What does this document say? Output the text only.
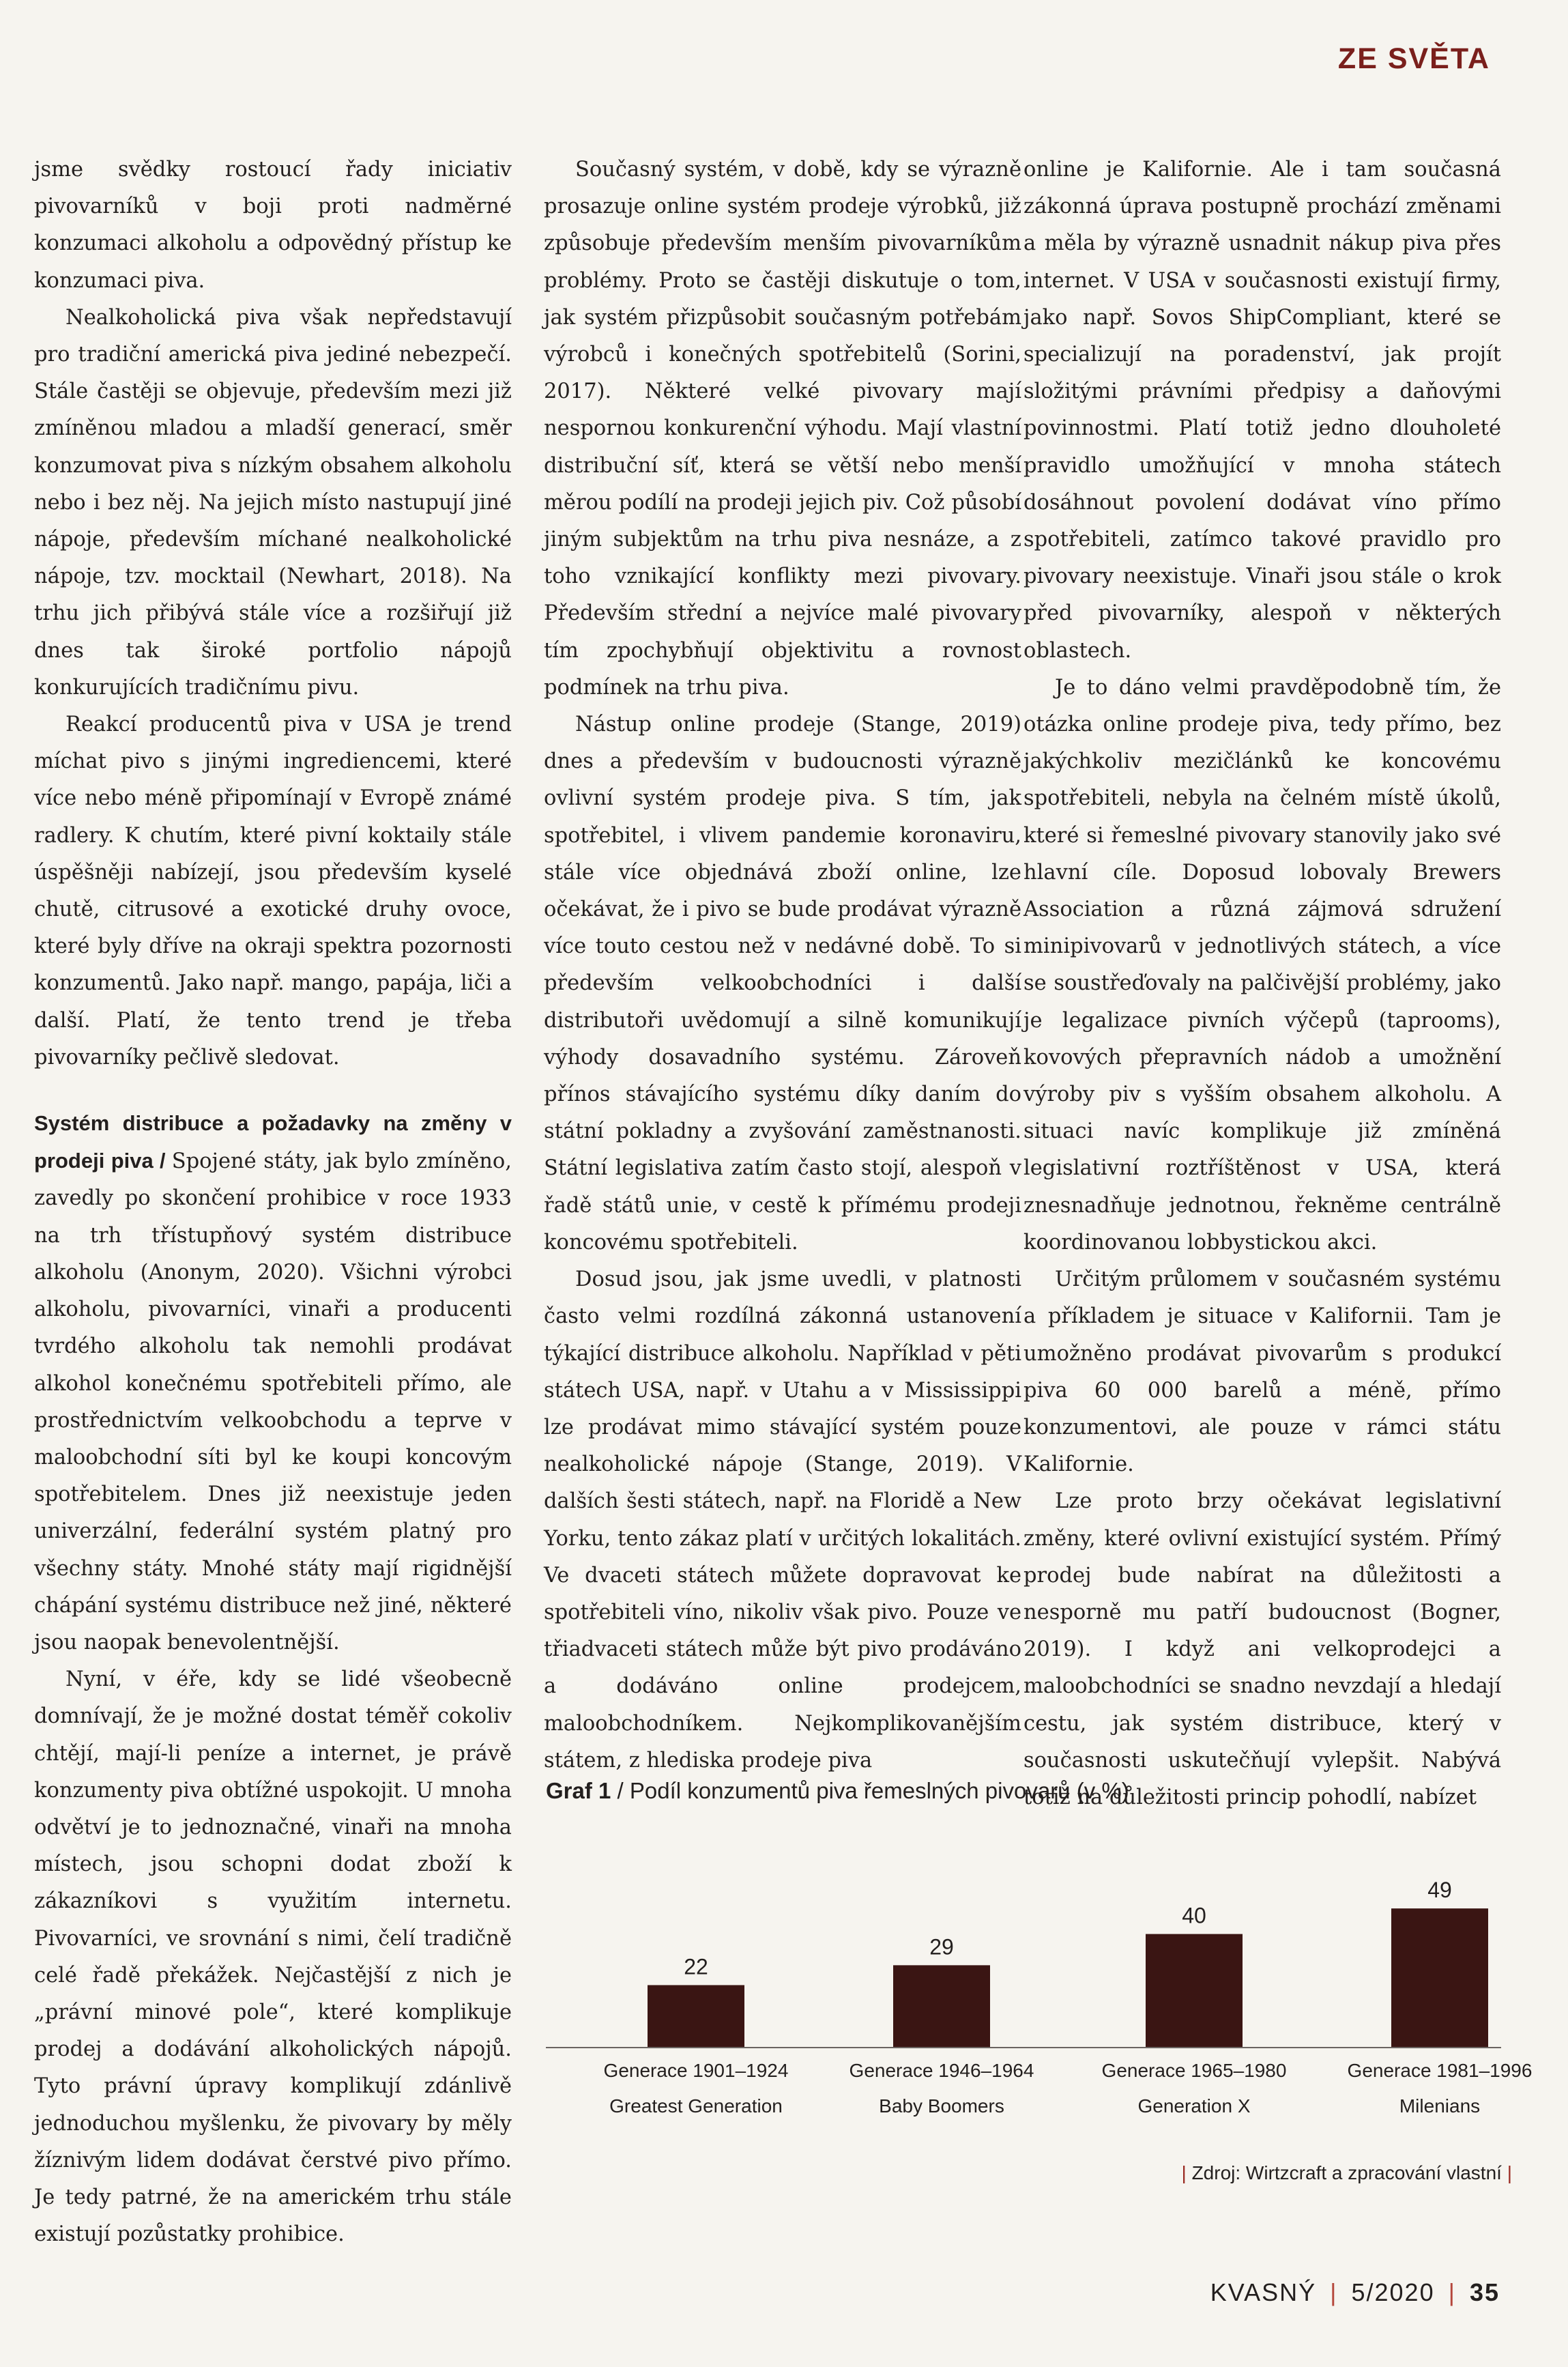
ZE SVĚTA

jsme svědky rostoucí řady iniciativ pivovarníků v boji proti nadměrné konzumaci alkoholu a odpovědný přístup ke konzumaci piva.

Nealkoholická piva však nepředstavují pro tradiční americká piva jediné nebezpečí. Stále častěji se objevuje, především mezi již zmíněnou mladou a mladší generací, směr konzumovat piva s nízkým obsahem alkoholu nebo i bez něj. Na jejich místo nastupují jiné nápoje, především míchané nealkoholické nápoje, tzv. mocktail (Newhart, 2018). Na trhu jich přibývá stále více a rozšiřují již dnes tak široké portfolio nápojů konkurujících tradičnímu pivu.

Reakcí producentů piva v USA je trend míchat pivo s jinými ingrediencemi, které více nebo méně připomínají v Evropě známé radlery. K chutím, které pivní koktaily stále úspěšněji nabízejí, jsou především kyselé chutě, citrusové a exotické druhy ovoce, které byly dříve na okraji spektra pozornosti konzumentů. Jako např. mango, papája, liči a další. Platí, že tento trend je třeba pivovarníky pečlivě sledovat.

Systém distribuce a požadavky na změny v prodeji piva / Spojené státy, jak bylo zmíněno, zavedly po skončení prohibice v roce 1933 na trh třístupňový systém distribuce alkoholu (Anonym, 2020). Všichni výrobci alkoholu, pivovarníci, vinaři a producenti tvrdého alkoholu tak nemohli prodávat alkohol konečnému spotřebiteli přímo, ale prostřednictvím velkoobchodu a teprve v maloobchodní síti byl ke koupi koncovým spotřebitelem. Dnes již neexistuje jeden univerzální, federální systém platný pro všechny státy. Mnohé státy mají rigidnější chápání systému distribuce než jiné, některé jsou naopak benevolentnější.

Nyní, v éře, kdy se lidé všeobecně domnívají, že je možné dostat téměř cokoliv chtějí, mají-li peníze a internet, je právě konzumenty piva obtížné uspokojit. U mnoha odvětví je to jednoznačné, vinaři na mnoha místech, jsou schopni dodat zboží k zákazníkovi s využitím internetu. Pivovarníci, ve srovnání s nimi, čelí tradičně celé řadě překážek. Nejčastější z nich je „právní minové pole“, které komplikuje prodej a dodávání alkoholických nápojů. Tyto právní úpravy komplikují zdánlivě jednoduchou myšlenku, že pivovary by měly žíznivým lidem dodávat čerstvé pivo přímo. Je tedy patrné, že na americkém trhu stále existují pozůstatky prohibice.

Současný systém, v době, kdy se výrazně prosazuje online systém prodeje výrobků, již způsobuje především menším pivovarníkům problémy. Proto se častěji diskutuje o tom, jak systém přizpůsobit současným potřebám výrobců i konečných spotřebitelů (Sorini, 2017). Některé velké pivovary mají nespornou konkurenční výhodu. Mají vlastní distribuční síť, která se větší nebo menší měrou podílí na prodeji jejich piv. Což působí jiným subjektům na trhu piva nesnáze, a z toho vznikající konflikty mezi pivovary. Především střední a nejvíce malé pivovary tím zpochybňují objektivitu a rovnost podmínek na trhu piva.

Nástup online prodeje (Stange, 2019) dnes a především v budoucnosti výrazně ovlivní systém prodeje piva. S tím, jak spotřebitel, i vlivem pandemie koronaviru, stále více objednává zboží online, lze očekávat, že i pivo se bude prodávat výrazně více touto cestou než v nedávné době. To si především velkoobchodníci i další distributoři uvědomují a silně komunikují výhody dosavadního systému. Zároveň přínos stávajícího systému díky daním do státní pokladny a zvyšování zaměstnanosti. Státní legislativa zatím často stojí, alespoň v řadě států unie, v cestě k přímému prodeji koncovému spotřebiteli.

Dosud jsou, jak jsme uvedli, v platnosti často velmi rozdílná zákonná ustanovení týkající distribuce alkoholu. Například v pěti státech USA, např. v Utahu a v Mississippi lze prodávat mimo stávající systém pouze nealkoholické nápoje (Stange, 2019). V dalších šesti státech, např. na Floridě a New Yorku, tento zákaz platí v určitých lokalitách. Ve dvaceti státech můžete dopravovat ke spotřebiteli víno, nikoliv však pivo. Pouze ve třiadvaceti státech může být pivo prodáváno a dodáváno online prodejcem, maloobchodníkem. Nejkomplikovanějším státem, z hlediska prodeje piva

online je Kalifornie. Ale i tam současná zákonná úprava postupně prochází změnami a měla by výrazně usnadnit nákup piva přes internet. V USA v současnosti existují firmy, jako např. Sovos ShipCompliant, které se specializují na poradenství, jak projít složitými právními předpisy a daňovými povinnostmi. Platí totiž jedno dlouholeté pravidlo umožňující v mnoha státech dosáhnout povolení dodávat víno přímo spotřebiteli, zatímco takové pravidlo pro pivovary neexistuje. Vinaři jsou stále o krok před pivovarníky, alespoň v některých oblastech.

Je to dáno velmi pravděpodobně tím, že otázka online prodeje piva, tedy přímo, bez jakýchkoliv mezičlánků ke koncovému spotřebiteli, nebyla na čelném místě úkolů, které si řemeslné pivovary stanovily jako své hlavní cíle. Doposud lobovaly Brewers Association a různá zájmová sdružení minipivovarů v jednotlivých státech, a více se soustřeďovaly na palčivější problémy, jako je legalizace pivních výčepů (taprooms), kovových přepravních nádob a umožnění výroby piv s vyšším obsahem alkoholu. A situaci navíc komplikuje již zmíněná legislativní roztříštěnost v USA, která znesnadňuje jednotnou, řekněme centrálně koordinovanou lobbystickou akci.

Určitým průlomem v současném systému a příkladem je situace v Kalifornii. Tam je umožněno prodávat pivovarům s produkcí piva 60 000 barelů a méně, přímo konzumentovi, ale pouze v rámci státu Kalifornie.

Lze proto brzy očekávat legislativní změny, které ovlivní existující systém. Přímý prodej bude nabírat na důležitosti a nesporně mu patří budoucnost (Bogner, 2019). I když ani velkoprodejci a maloobchodníci se snadno nevzdají a hledají cestu, jak systém distribuce, který v současnosti uskutečňují vylepšit. Nabývá totiž na důležitosti princip pohodlí, nabízet

Graf 1 / Podíl konzumentů piva řemeslných pivovarů (v %)
22
29
40
49
Generace 1901–1924
Greatest Generation
Generace 1946–1964
Baby Boomers
Generace 1965–1980
Generation X
Generace 1981–1996
Milenians
| Zdroj: Wirtzcraft a zpracování vlastní |
KVASNÝ | 5/2020 | 35
